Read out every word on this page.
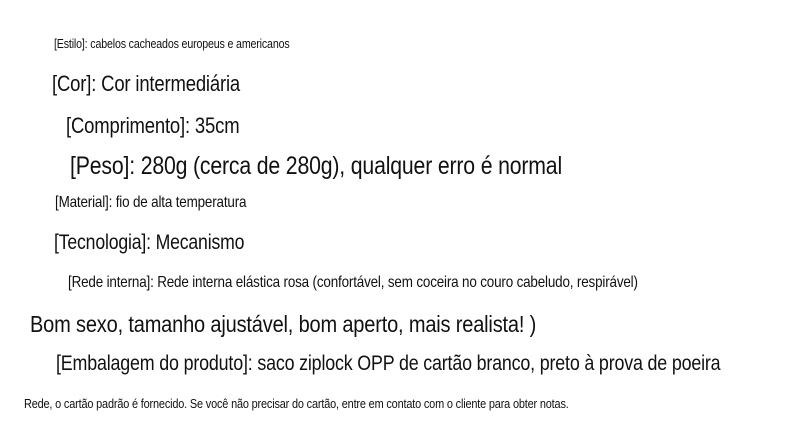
[Estilo]: cabelos cacheados europeus e americanos
[Cor]: Cor intermediária
[Comprimento]: 35cm
[Peso]: 280g (cerca de 280g), qualquer erro é normal
[Material]: fio de alta temperatura
[Tecnologia]: Mecanismo
[Rede interna]: Rede interna elástica rosa (confortável, sem coceira no couro cabeludo, respirável)
Bom sexo, tamanho ajustável, bom aperto, mais realista! )
[Embalagem do produto]: saco ziplock OPP de cartão branco, preto à prova de poeira
Rede, o cartão padrão é fornecido. Se você não precisar do cartão, entre em contato com o cliente para obter notas.
